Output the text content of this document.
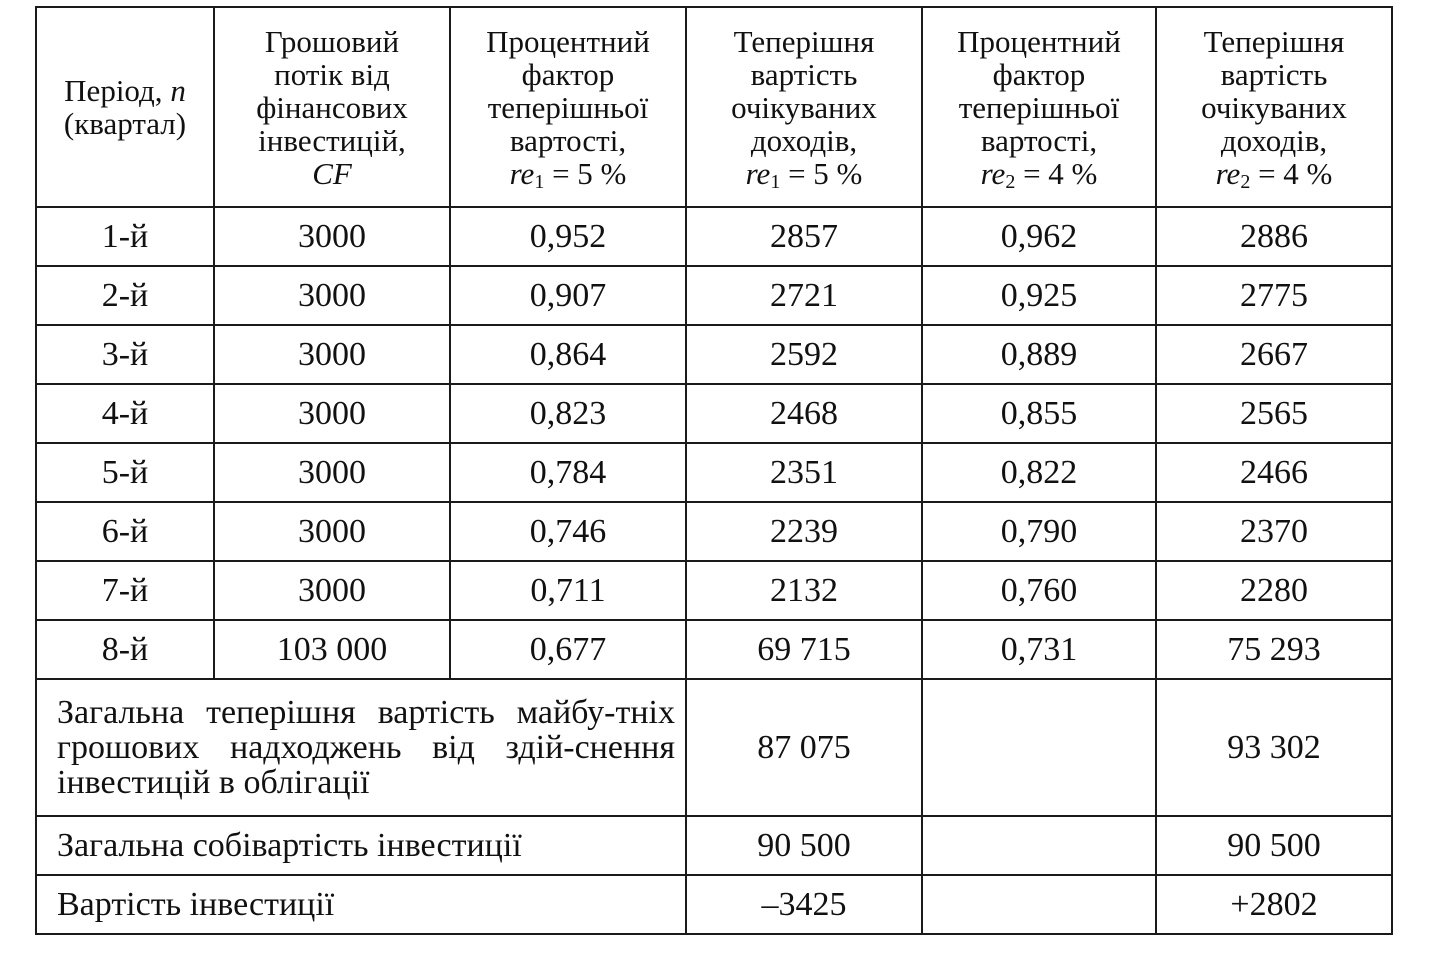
Період, n
(квартал)	Грошовий
потік від
фінансових
інвестицій,
CF	Процентний
фактор
теперішньої
вартості,
$re_1 = 5$ %	Теперішня
вартість
очікуваних
доходів,
$re_1 = 5$ %	Процентний
фактор
теперішньої
вартості,
$re_2 = 4$ %	Теперішня
вартість
очікуваних
доходів,
$re_2 = 4$ %
1-й	3000	0,952	2857	0,962	2886
2-й	3000	0,907	2721	0,925	2775
3-й	3000	0,864	2592	0,889	2667
4-й	3000	0,823	2468	0,855	2565
5-й	3000	0,784	2351	0,822	2466
6-й	3000	0,746	2239	0,790	2370
7-й	3000	0,711	2132	0,760	2280
8-й	103 000	0,677	69 715	0,731	75 293
Загальна теперішня вартість майбу-тніх грошових надходжень від здій-снення інвестицій в облігації			87 075		93 302
Загальна собівартість інвестиції			90 500		90 500
Вартість інвестиції			–3425		+2802
